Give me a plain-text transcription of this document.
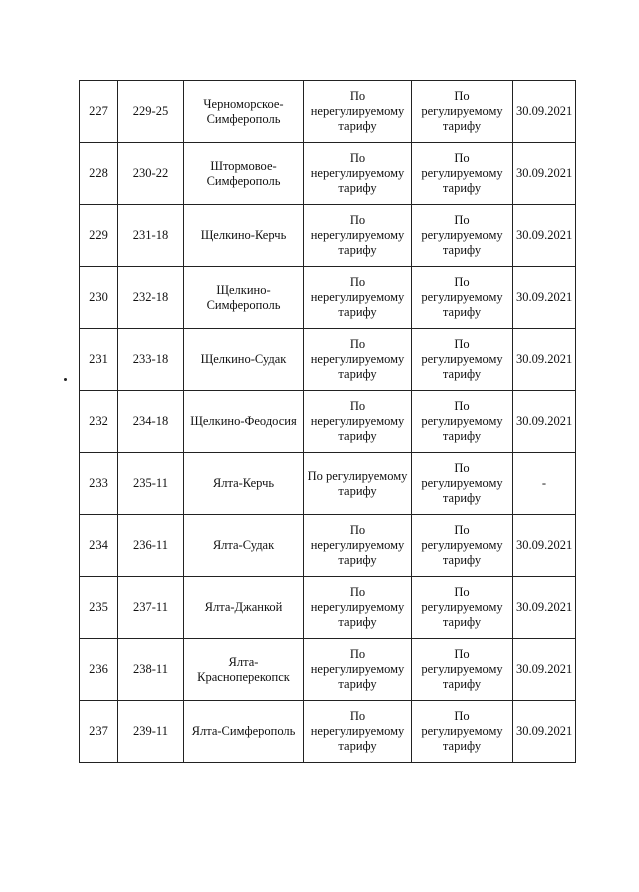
227	229-25	Черноморское-Симферополь	По нерегулируемому тарифу	По регулируемому тарифу	30.09.2021
228	230-22	Штормовое-Симферополь	По нерегулируемому тарифу	По регулируемому тарифу	30.09.2021
229	231-18	Щелкино-Керчь	По нерегулируемому тарифу	По регулируемому тарифу	30.09.2021
230	232-18	Щелкино-Симферополь	По нерегулируемому тарифу	По регулируемому тарифу	30.09.2021
231	233-18	Щелкино-Судак	По нерегулируемому тарифу	По регулируемому тарифу	30.09.2021
232	234-18	Щелкино-Феодосия	По нерегулируемому тарифу	По регулируемому тарифу	30.09.2021
233	235-11	Ялта-Керчь	По регулируемому тарифу	По регулируемому тарифу	-
234	236-11	Ялта-Судак	По нерегулируемому тарифу	По регулируемому тарифу	30.09.2021
235	237-11	Ялта-Джанкой	По нерегулируемому тарифу	По регулируемому тарифу	30.09.2021
236	238-11	Ялта-Красноперекопск	По нерегулируемому тарифу	По регулируемому тарифу	30.09.2021
237	239-11	Ялта-Симферополь	По нерегулируемому тарифу	По регулируемому тарифу	30.09.2021
